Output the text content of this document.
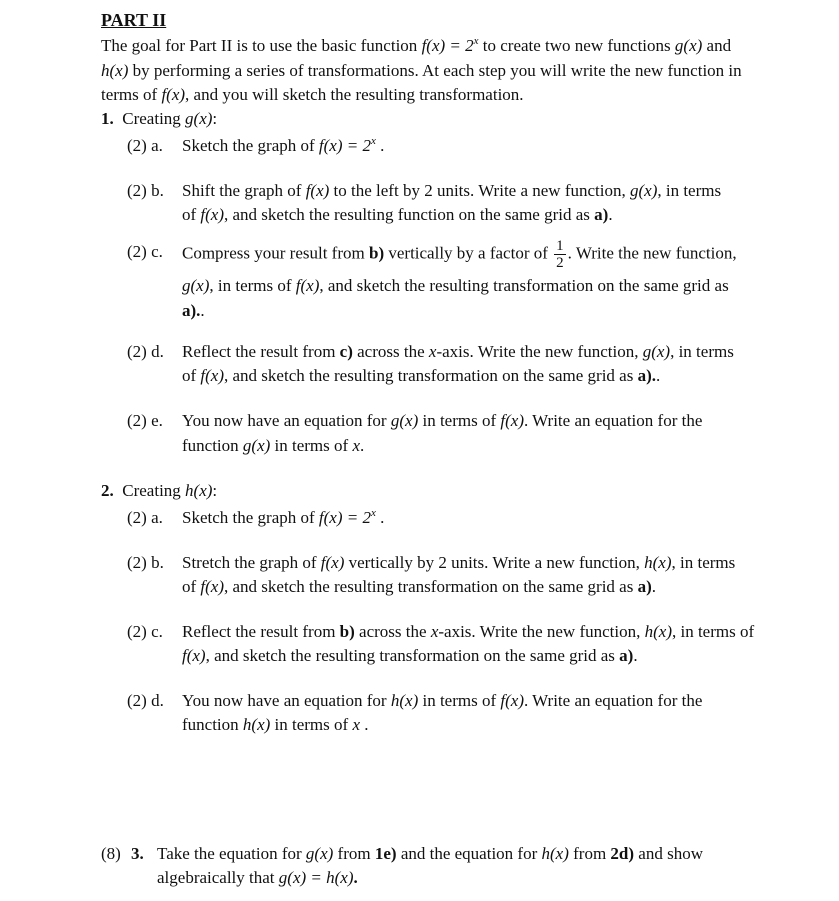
PART II
The goal for Part II is to use the basic function $f(x) = 2^x$ to create two new functions g(x) and
h(x) by performing a series of transformations. At each step you will write the new function in
terms of f(x), and you will sketch the resulting transformation.
1. Creating g(x):
(2) a. Sketch the graph of $f(x) = 2^x$ .
(2) b. Shift the graph of f(x) to the left by 2 units. Write a new function, g(x), in terms
of f(x), and sketch the resulting function on the same grid as a).
(2) c. Compress your result from b) vertically by a factor of $\frac{1}{2}$ . Write the new function,
g(x), in terms of f(x), and sketch the resulting transformation on the same grid as
a)..
(2) d. Reflect the result from c) across the x-axis. Write the new function, g(x), in terms
of f(x), and sketch the resulting transformation on the same grid as a)..
(2) e. You now have an equation for g(x) in terms of f(x). Write an equation for the
function g(x) in terms of x.
2. Creating h(x):
(2) a. Sketch the graph of $f(x) = 2^x$ .
(2) b. Stretch the graph of f(x) vertically by 2 units. Write a new function, h(x), in terms
of f(x), and sketch the resulting transformation on the same grid as a).
(2) c. Reflect the result from b) across the x-axis. Write the new function, h(x), in terms of
f(x), and sketch the resulting transformation on the same grid as a).
(2) d. You now have an equation for h(x) in terms of f(x). Write an equation for the
function h(x) in terms of x .
(8) 3. Take the equation for g(x) from 1e) and the equation for h(x) from 2d) and show
algebraically that g(x) = h(x).
